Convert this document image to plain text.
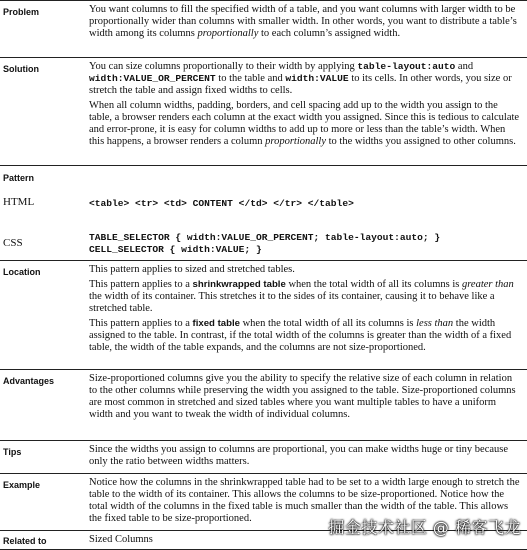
Problem	You want columns to fill the specified width of a table, and you want columns with larger width to be proportionally wider than columns with smaller width. In other words, you want to distribute a table’s width among its columns proportionally to each column’s assigned width.

Solution	You can size columns proportionally to their width by applying table-layout:auto and width:VALUE_OR_PERCENT to the table and width:VALUE to its cells. In other words, you size or stretch the table and assign fixed widths to cells.

When all column widths, padding, borders, and cell spacing add up to the width you assign to the table, a browser renders each column at the exact width you assigned. Since this is tedious to calculate and error-prone, it is easy for column widths to add up to more or less than the table’s width. When this happens, a browser renders a column proportionally to the widths you assigned to other columns.

Pattern
HTML	<table> <tr> <td> CONTENT </td> </tr> </table>
CSS	TABLE_SELECTOR { width:VALUE_OR_PERCENT; table-layout:auto; }
CELL_SELECTOR { width:VALUE; }
Location	This pattern applies to sized and stretched tables.

This pattern applies to a shrinkwrapped table when the total width of all its columns is greater than the width of its container. This stretches it to the sides of its container, causing it to behave like a stretched table.

This pattern applies to a fixed table when the total width of all its columns is less than the width assigned to the table. In contrast, if the total width of the columns is greater than the width of a fixed table, the width of the table expands, and the columns are not size-proportioned.

Advantages	Size-proportioned columns give you the ability to specify the relative size of each column in relation to the other columns while preserving the width you assigned to the table. Size-proportioned columns are most common in stretched and sized tables where you want multiple tables to have a uniform width and you want to tweak the width of individual columns.

Tips	Since the widths you assign to columns are proportional, you can make widths huge or tiny because only the ratio between widths matters.

Example	Notice how the columns in the shrinkwrapped table had to be set to a width large enough to stretch the table to the width of its container. This allows the columns to be size-proportioned. Notice how the total width of the columns in the fixed table is much smaller than the width of the table. This allows the fixed table to be size-proportioned.

Related to	Sized Columns
掘金技术社区 @ 稀客飞龙
